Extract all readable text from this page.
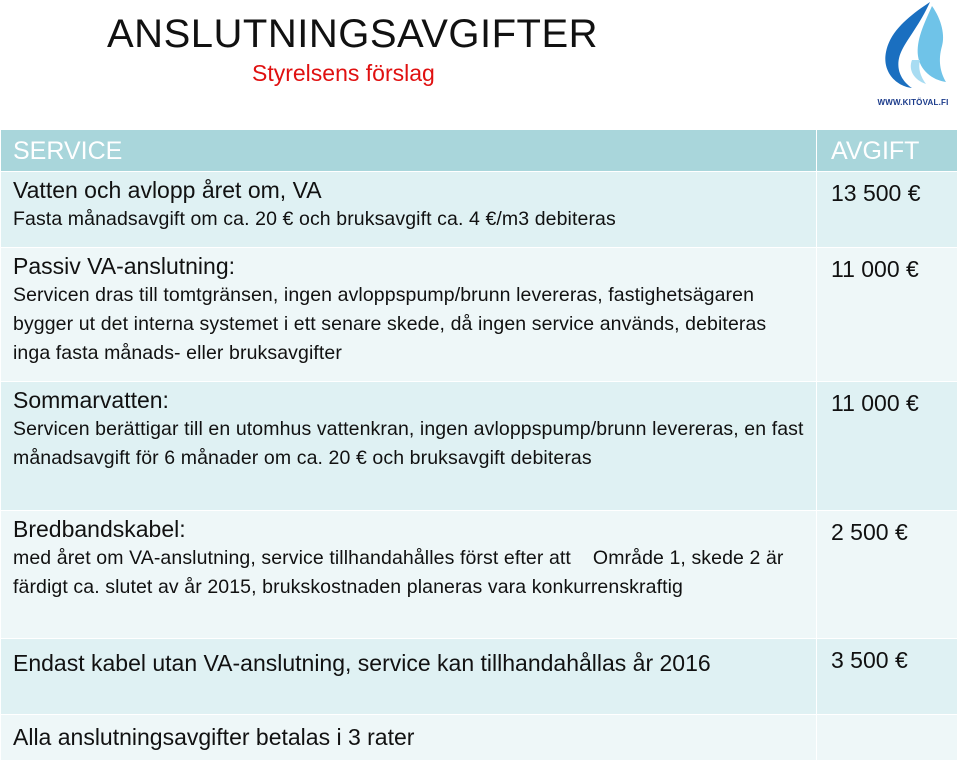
ANSLUTNINGSAVGIFTER
Styrelsens förslag
WWW.KITÖVAL.FI
SERVICE	AVGIFT

Vatten och avlopp året om, VA
Fasta månadsavgift om ca. 20 € och bruksavgift ca. 4 €/m3 debiteras	13 500 €

Passiv VA-anslutning:
Servicen dras till tomtgränsen, ingen avloppspump/brunn levereras, fastighetsägaren bygger ut det interna systemet i ett senare skede, då ingen service används, debiteras inga fasta månads- eller bruksavgifter	11 000 €

Sommarvatten:
Servicen berättigar till en utomhus vattenkran, ingen avloppspump/brunn levereras, en fast månadsavgift för 6 månader om ca. 20 € och bruksavgift debiteras	11 000 €

Bredbandskabel:
med året om VA-anslutning, service tillhandahålles först efter att Område 1, skede 2 är färdigt ca. slutet av år 2015, brukskostnaden planeras vara konkurrenskraftig	2 500 €

Endast kabel utan VA-anslutning, service kan tillhandahållas år 2016	3 500 €

Alla anslutningsavgifter betalas i 3 rater	
